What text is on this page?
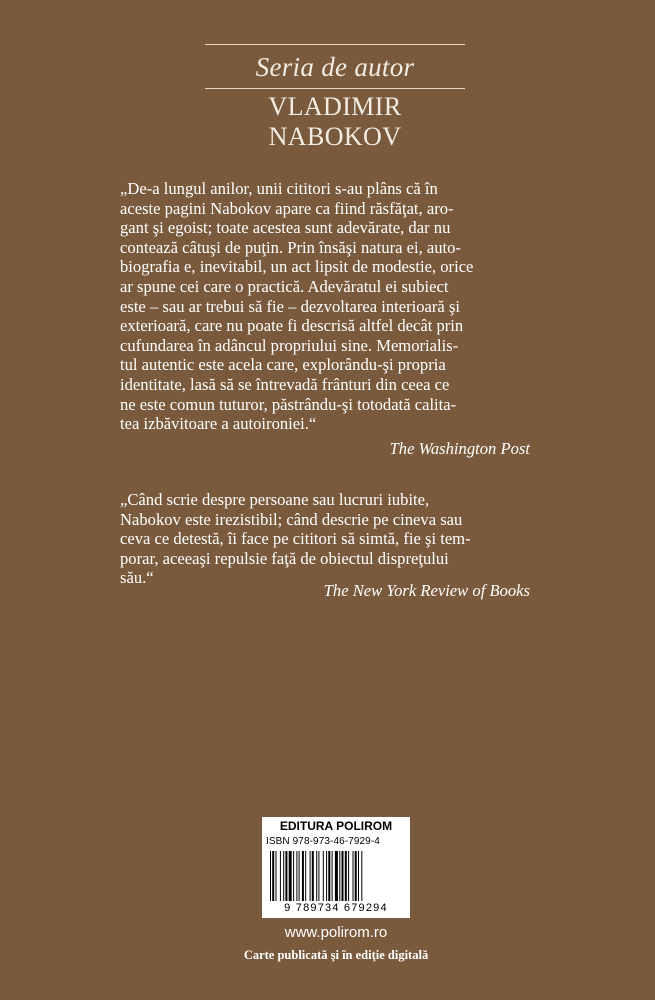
Seria de autor
VLADIMIR NABOKOV

„De-a lungul anilor, unii cititori s-au plâns că în

aceste pagini Nabokov apare ca fiind răsfăţat, aro-

gant şi egoist; toate acestea sunt adevărate, dar nu

contează câtuşi de puţin. Prin însăşi natura ei, auto-

biografia e, inevitabil, un act lipsit de modestie, orice

ar spune cei care o practică. Adevăratul ei subiect

este – sau ar trebui să fie – dezvoltarea interioară şi

exterioară, care nu poate fi descrisă altfel decât prin

cufundarea în adâncul propriului sine. Memorialis-

tul autentic este acela care, explorându-şi propria

identitate, lasă să se întrevadă frânturi din ceea ce

ne este comun tuturor, păstrându-şi totodată calita-

tea izbăvitoare a autoironiei.“

The Washington Post

„Când scrie despre persoane sau lucruri iubite,

Nabokov este irezistibil; când descrie pe cineva sau

ceva ce detestă, îi face pe cititori să simtă, fie şi tem-

porar, aceeaşi repulsie faţă de obiectul dispreţului

său.“

The New York Review of Books
EDITURA POLIROM
ISBN 978-973-46-7929-4
9 789734 679294
www.polirom.ro
Carte publicată şi în ediţie digitală
